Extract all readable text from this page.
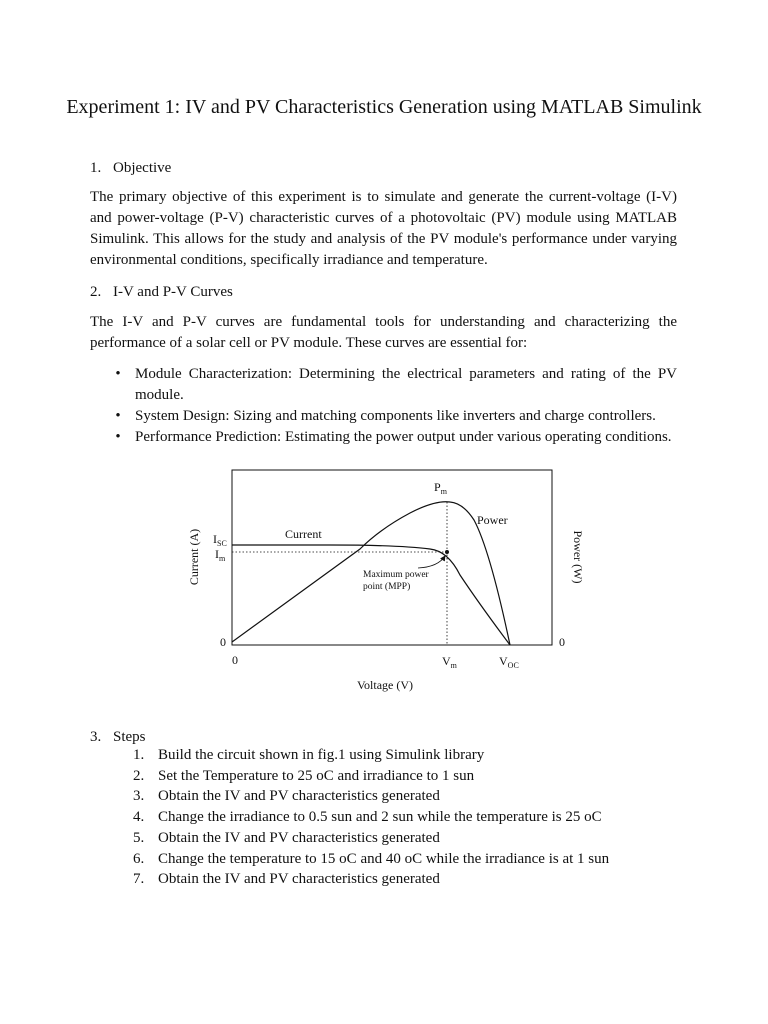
Experiment 1: IV and PV Characteristics Generation using MATLAB Simulink

1. Objective

The primary objective of this experiment is to simulate and generate the current-voltage (I-V) and power-voltage (P-V) characteristic curves of a photovoltaic (PV) module using MATLAB Simulink. This allows for the study and analysis of the PV module's performance under varying environmental conditions, specifically irradiance and temperature.

2. I-V and P-V Curves

The I-V and P-V curves are fundamental tools for understanding and characterizing the performance of a solar cell or PV module. These curves are essential for:

• Module Characterization: Determining the electrical parameters and rating of the PV module.
• System Design: Sizing and matching components like inverters and charge controllers.
• Performance Prediction: Estimating the power output under various operating conditions.
Current (A)	Power (W)
Voltage (V)
$I_{SC}$
$I_m$
$P_m$
$V_m$	$V_{OC}$
0	0
0
Current
Power
Maximum power
point (MPP)

3. Steps

1. Build the circuit shown in fig.1 using Simulink library
2. Set the Temperature to 25 oC and irradiance to 1 sun
3. Obtain the IV and PV characteristics generated
4. Change the irradiance to 0.5 sun and 2 sun while the temperature is 25 oC
5. Obtain the IV and PV characteristics generated
6. Change the temperature to 15 oC and 40 oC while the irradiance is at 1 sun
7. Obtain the IV and PV characteristics generated
